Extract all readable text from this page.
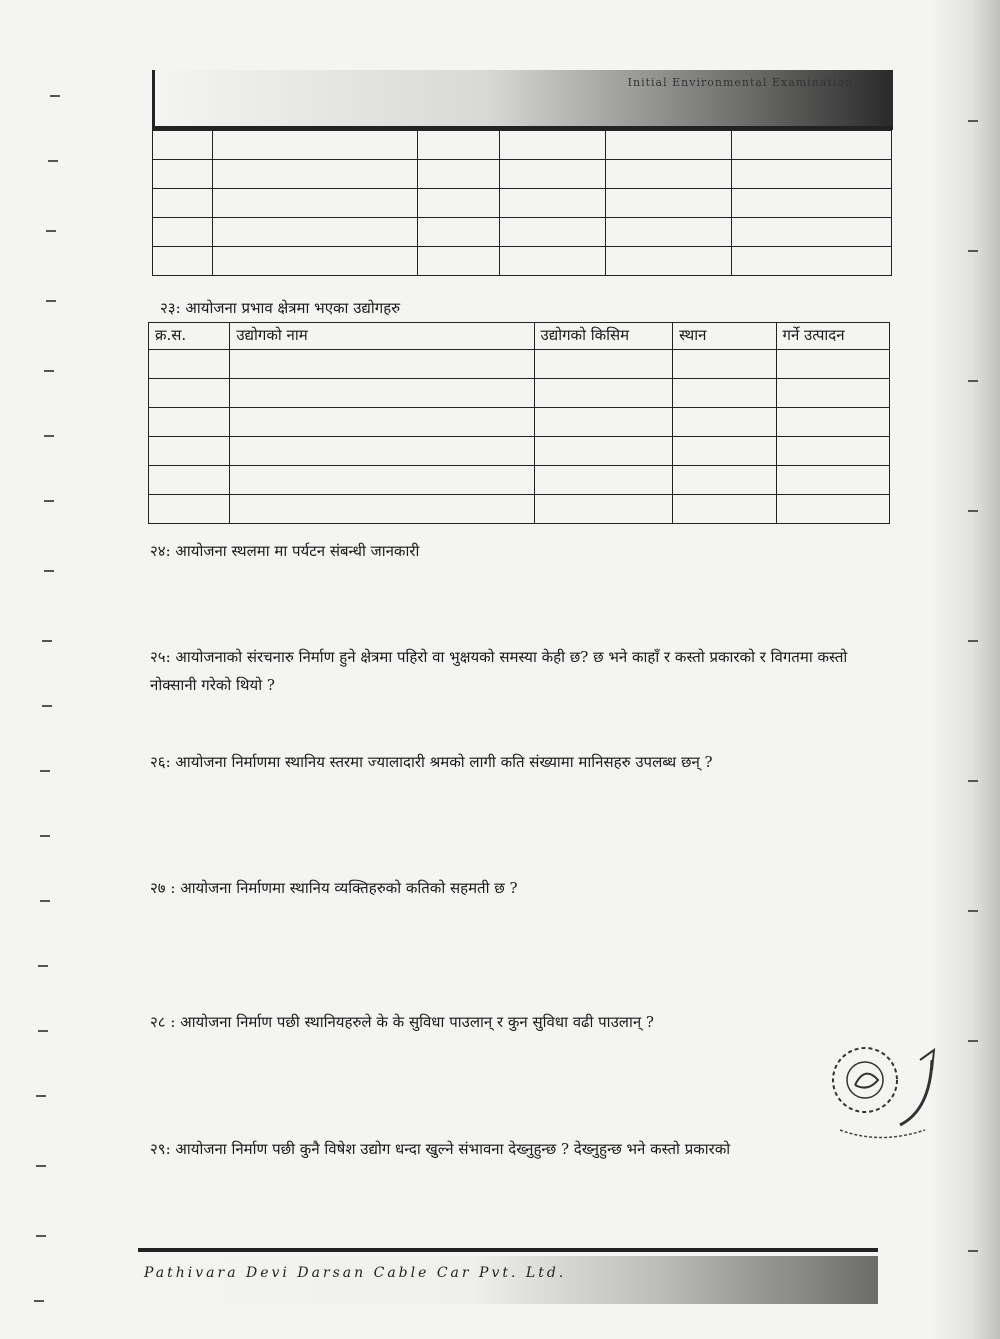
Initial Environmental Examination

२३: आयोजना प्रभाव क्षेत्रमा भएका उद्योगहरु
क्र.स.	उद्योगको नाम	उद्योगको किसिम	स्थान	गर्ने उत्पादन

२४: आयोजना स्थलमा मा पर्यटन संबन्धी जानकारी
२५: आयोजनाको संरचनारु निर्माण हुने क्षेत्रमा पहिरो वा भुक्षयको समस्या केही छ? छ भने काहाँ र कस्तो प्रकारको र विगतमा कस्तो नोक्सानी गरेको थियो ?
२६: आयोजना निर्माणमा स्थानिय स्तरमा ज्यालादारी श्रमको लागी कति संख्यामा मानिसहरु उपलब्ध छन् ?
२७ : आयोजना निर्माणमा स्थानिय व्यक्तिहरुको कतिको सहमती छ ?
२८ : आयोजना निर्माण पछी स्थानियहरुले के के सुविधा पाउलान् र कुन सुविधा वढी पाउलान् ?
२९: आयोजना निर्माण पछी कुनै विषेश उद्योग धन्दा खुल्ने संभावना देख्नुहुन्छ ? देख्नुहुन्छ भने कस्तो प्रकारको
Pathivara Devi Darsan Cable Car Pvt. Ltd.
